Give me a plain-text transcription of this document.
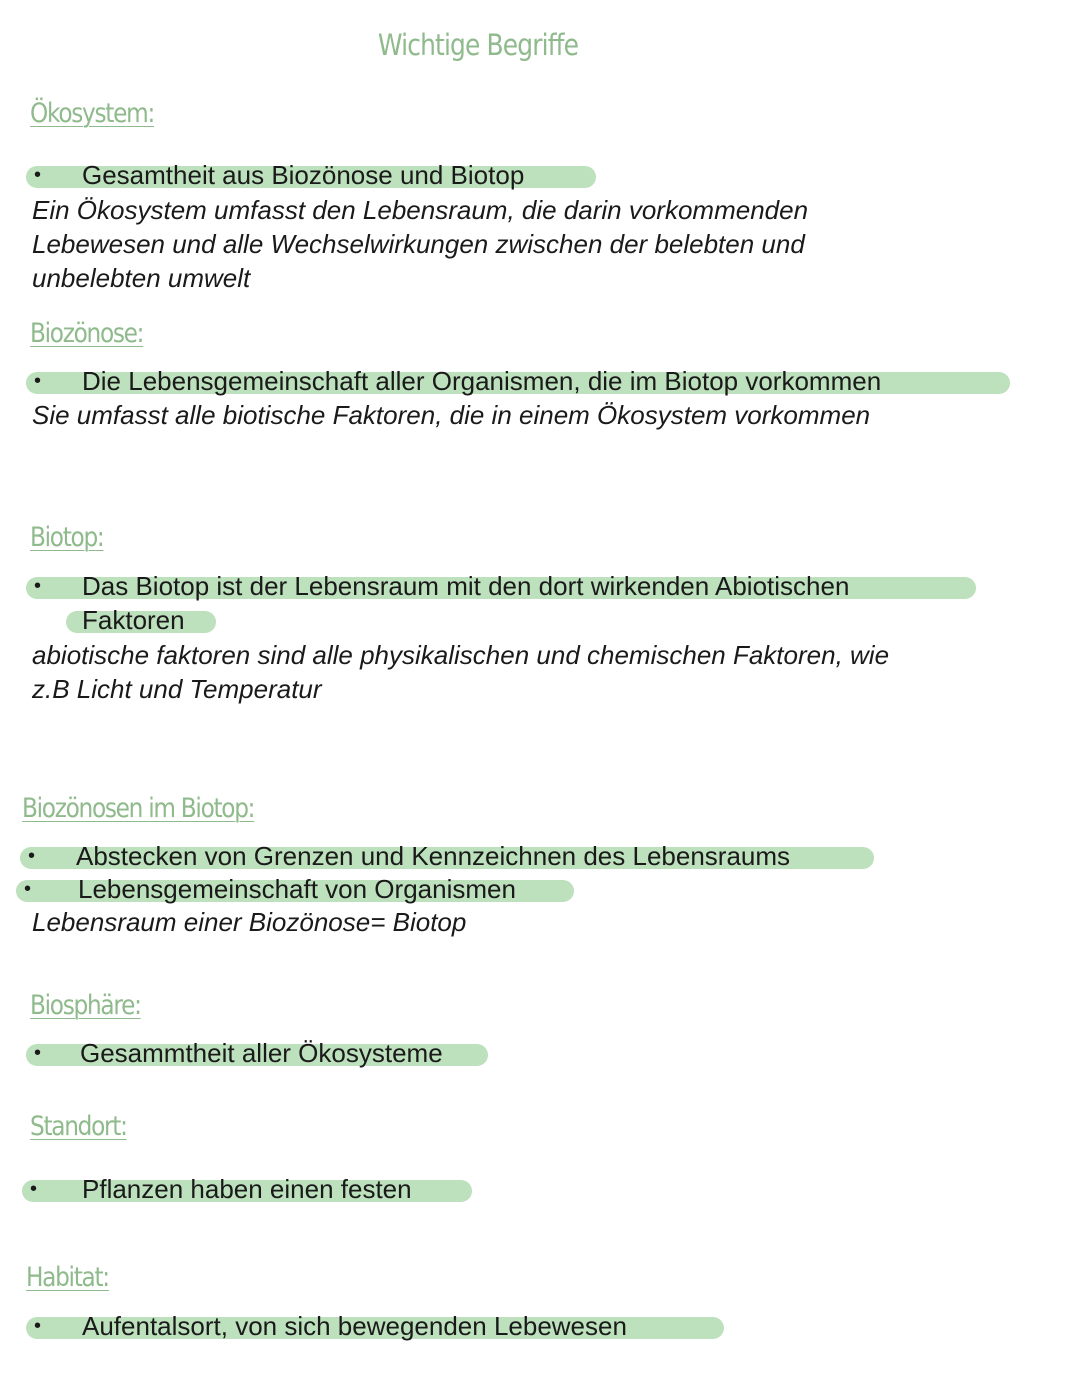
Wichtige Begriffe
Ökosystem:
• Gesamtheit aus Biozönose und Biotop
Ein Ökosystem umfasst den Lebensraum, die darin vorkommenden
Lebewesen und alle Wechselwirkungen zwischen der belebten und
unbelebten umwelt
Biozönose:
• Die Lebensgemeinschaft aller Organismen, die im Biotop vorkommen
Sie umfasst alle biotische Faktoren, die in einem Ökosystem vorkommen
Biotop:
• Das Biotop ist der Lebensraum mit den dort wirkenden Abiotischen
Faktoren
abiotische faktoren sind alle physikalischen und chemischen Faktoren, wie
z.B Licht und Temperatur
Biozönosen im Biotop:
• Abstecken von Grenzen und Kennzeichnen des Lebensraums
• Lebensgemeinschaft von Organismen
Lebensraum einer Biozönose= Biotop
Biosphäre:
• Gesammtheit aller Ökosysteme
Standort:
• Pflanzen haben einen festen
Habitat:
• Aufentalsort, von sich bewegenden Lebewesen
